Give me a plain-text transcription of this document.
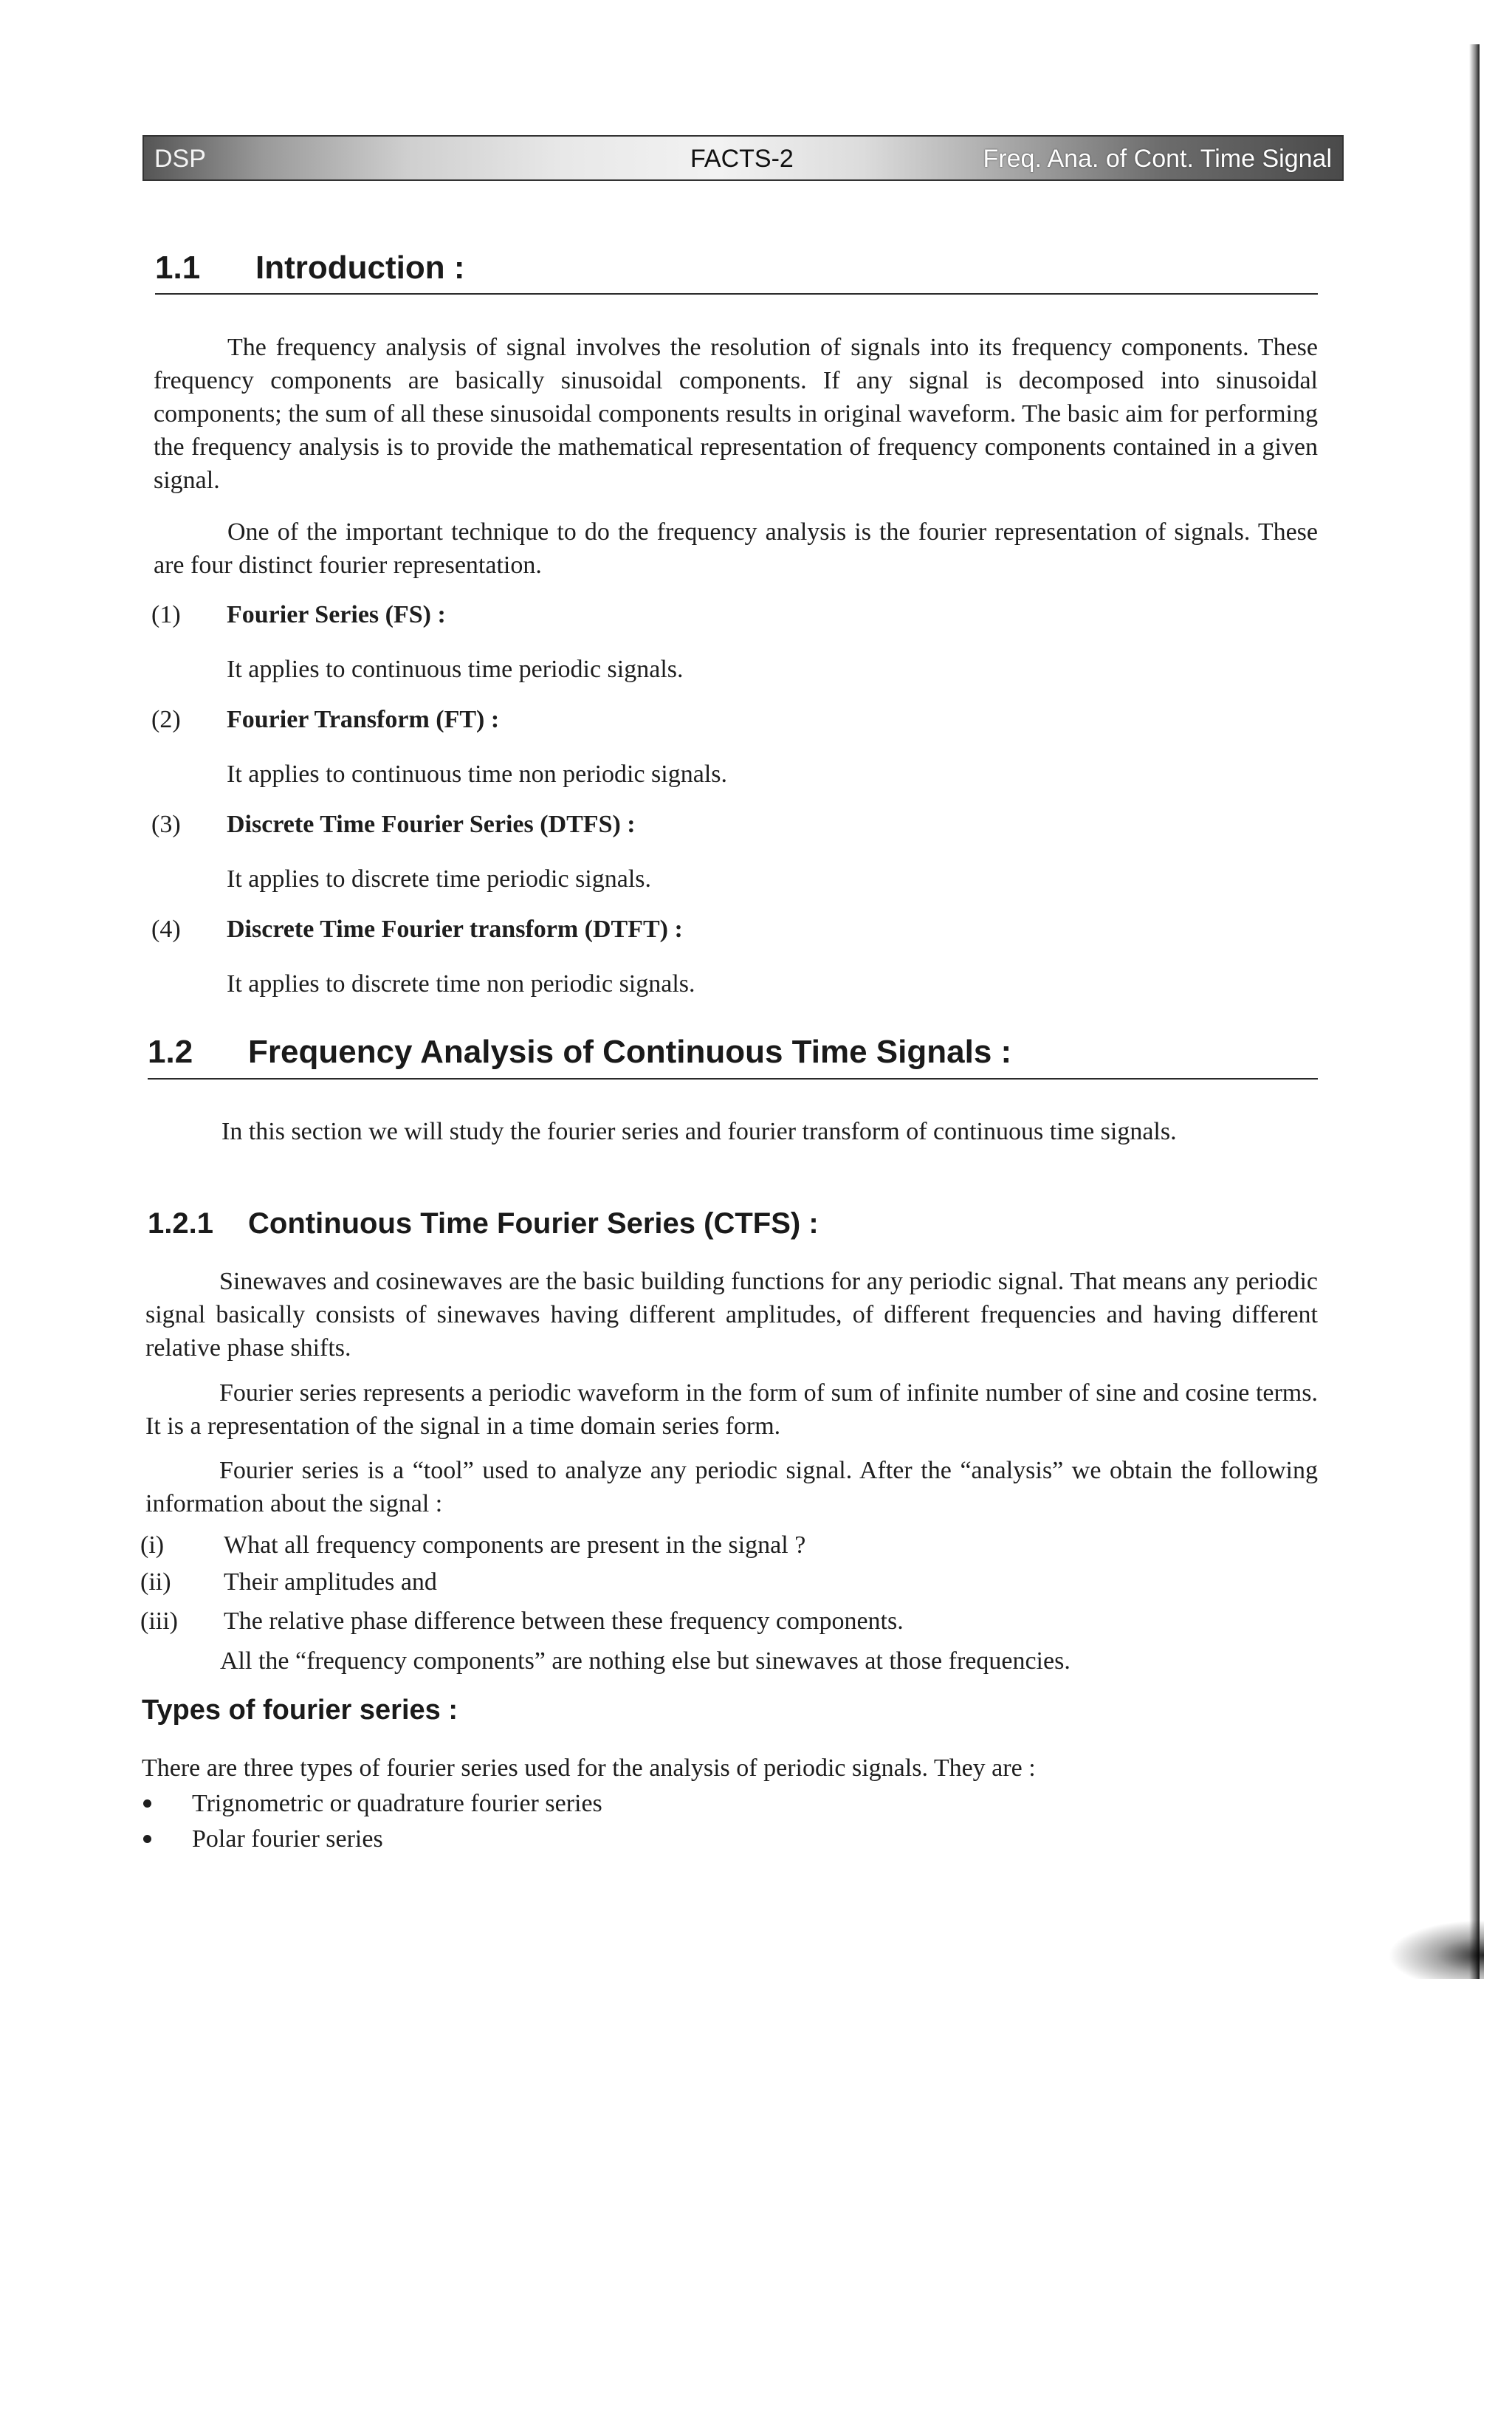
DSP	FACTS-2	Freq. Ana. of Cont. Time Signal
1.1 Introduction :
The frequency analysis of signal involves the resolution of signals into its frequency components. These frequency components are basically sinusoidal components. If any signal is decomposed into sinusoidal components; the sum of all these sinusoidal components results in original waveform. The basic aim for performing the frequency analysis is to provide the mathematical representation of frequency components contained in a given signal.
One of the important technique to do the frequency analysis is the fourier representation of signals. These are four distinct fourier representation.
(1) Fourier Series (FS) :
It applies to continuous time periodic signals.
(2) Fourier Transform (FT) :
It applies to continuous time non periodic signals.
(3) Discrete Time Fourier Series (DTFS) :
It applies to discrete time periodic signals.
(4) Discrete Time Fourier transform (DTFT) :
It applies to discrete time non periodic signals.
1.2 Frequency Analysis of Continuous Time Signals :
In this section we will study the fourier series and fourier transform of continuous time signals.
1.2.1 Continuous Time Fourier Series (CTFS) :
Sinewaves and cosinewaves are the basic building functions for any periodic signal. That means any periodic signal basically consists of sinewaves having different amplitudes, of different frequencies and having different relative phase shifts.
Fourier series represents a periodic waveform in the form of sum of infinite number of sine and cosine terms. It is a representation of the signal in a time domain series form.
Fourier series is a “tool” used to analyze any periodic signal. After the “analysis” we obtain the following information about the signal :
(i) What all frequency components are present in the signal ?
(ii) Their amplitudes and
(iii) The relative phase difference between these frequency components.
All the “frequency components” are nothing else but sinewaves at those frequencies.
Types of fourier series :
There are three types of fourier series used for the analysis of periodic signals. They are :
Trignometric or quadrature fourier series
Polar fourier series
